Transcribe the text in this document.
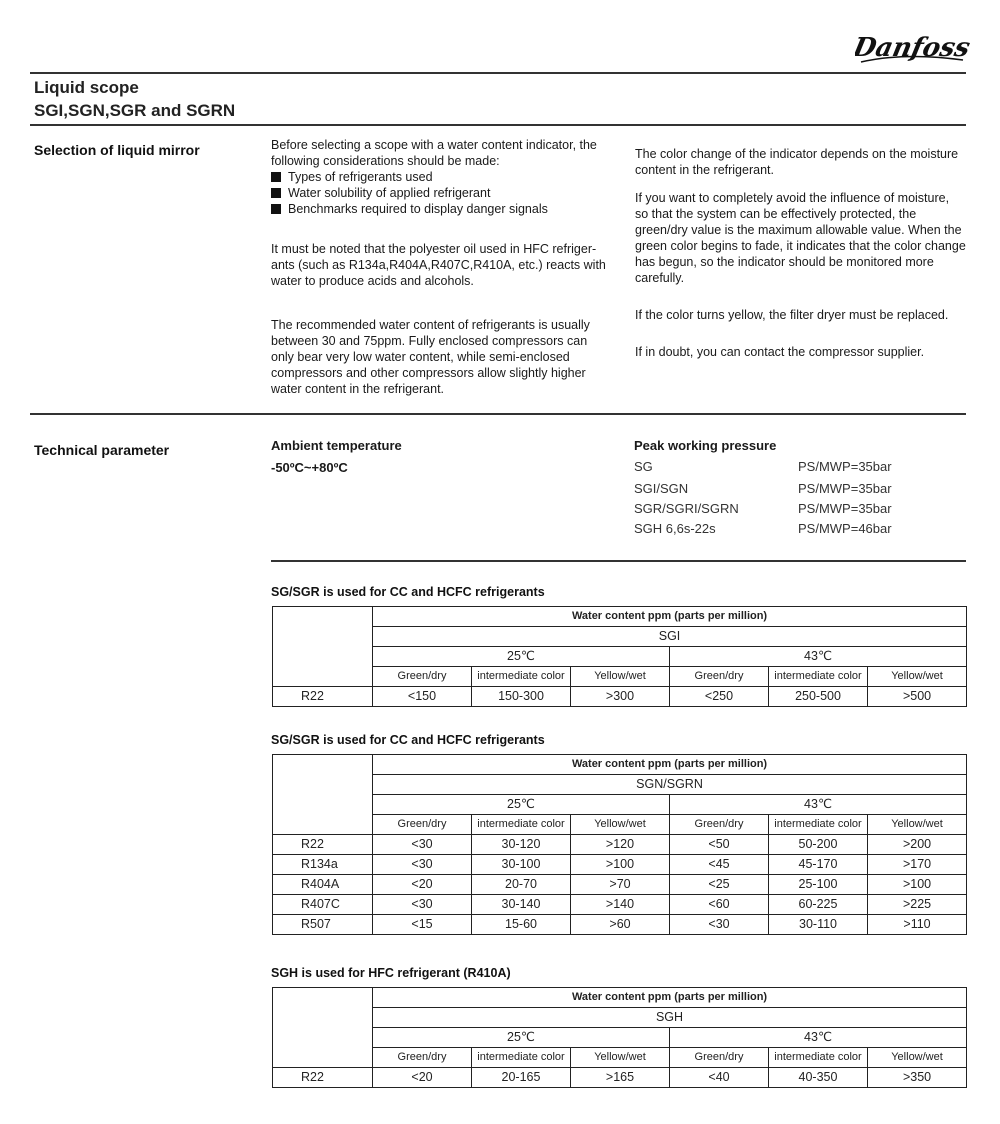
Danfoss
Liquid scope
SGI,SGN,SGR and SGRN
Selection of liquid mirror	Before selecting a scope with a water content indicator, the
following considerations should be made:

Types of refrigerants used
Water solubility of applied refrigerant
Benchmarks required to display danger signals
It must be noted that the polyester oil used in HFC refriger-
ants (such as R134a,R404A,R407C,R410A, etc.) reacts with
water to produce acids and alcohols.
The recommended water content of refrigerants is usually
between 30 and 75ppm. Fully enclosed compressors can
only bear very low water content, while semi-enclosed
compressors and other compressors allow slightly higher
water content in the refrigerant.
The color change of the indicator depends on the moisture
content in the refrigerant.
If you want to completely avoid the influence of moisture,
so that the system can be effectively protected, the
green/dry value is the maximum allowable value. When the
green color begins to fade, it indicates that the color change
has begun, so the indicator should be monitored more
carefully.
If the color turns yellow, the filter dryer must be replaced.
If in doubt, you can contact the compressor supplier.
Technical parameter	Ambient temperature
-50ºC~+80ºC
Peak working pressure
SG	PS/MWP=35bar
SGI/SGN	PS/MWP=35bar
SGR/SGRI/SGRN	PS/MWP=35bar
SGH 6,6s-22s	PS/MWP=46bar
SG/SGR is used for CC and HCFC refrigerants
	Water content ppm (parts per million)					
	SGI					
	25℃			43℃		
	Green/dry	intermediate color	Yellow/wet	Green/dry	intermediate color	Yellow/wet
R22	<150	150-300	>300	<250	250-500	>500
SG/SGR is used for CC and HCFC refrigerants
	Water content ppm (parts per million)					
	SGN/SGRN					
	25℃			43℃		
	Green/dry	intermediate color	Yellow/wet	Green/dry	intermediate color	Yellow/wet
R22	<30	30-120	>120	<50	50-200	>200
R134a	<30	30-100	>100	<45	45-170	>170
R404A	<20	20-70	>70	<25	25-100	>100
R407C	<30	30-140	>140	<60	60-225	>225
R507	<15	15-60	>60	<30	30-110	>110
SGH is used for HFC refrigerant (R410A)
	Water content ppm (parts per million)					
	SGH					
	25℃			43℃		
	Green/dry	intermediate color	Yellow/wet	Green/dry	intermediate color	Yellow/wet
R22	<20	20-165	>165	<40	40-350	>350
